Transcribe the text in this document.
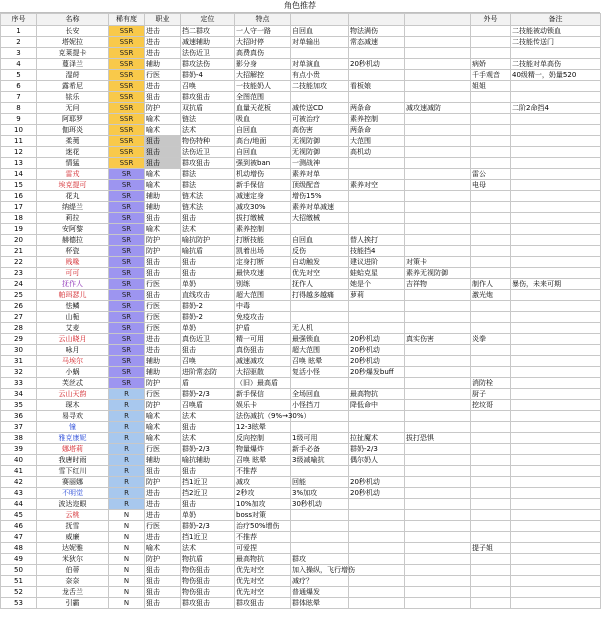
角色推荐
序号	名称	稀有度	职业	定位	特点				外号	备注
1	长安	SSR	进击	挡二群攻	一人守一路	自回血	物法满伤			二技能被动锁血
2	塔妮拉	SSR	进击	减速辅助	大招时停	对单输出	常态减速			二技能传送门
3	克莱提卡	SSR	进击	法伤近卫	高费真伤					
4	蔓泽兰	SSR	辅助	群攻法伤	影分身	对单演血	20秒机动		病娇	二技能对单高伤
5	湿莳	SSR	行医	群奶-4	大招解控	有点小贵			千手观音	40级精一，奶量520
6	露希尼	SSR	进击	召唤	一技能奶人	二技能加攻	看板娘		姐姐	
7	铱乐	SSR	狙击	群攻狙击	全图范围					
8	无问	SSR	防护	双抗盾	血量天花板	减传送CD	两条命	减攻速减防		二阶2命挡4
9	阿耶罗	SSR	喻术	链法	吸血	可被治疗	素养控制			
10	伽珥炎	SSR	喻术	法术	自回血	高伤害	两条命			
11	柔荑	SSR	狙击	物伤特种	高台/地面	无视防御	大范围			
12	迷花	SSR	狙击	法伤近卫	自回血	无视防御	高机动			
13	情猛	SSR	狙击	群攻狙击	强到被ban	一测战神				
14	雷戎	SR	喻术	群法	机动增伤	素养对单			雷公	
15	埃克提可	SR	喻术	群法	新手保信	顶级配音	素养对空		电母	
16	花丸	SR	辅助	链术法	减速定身	增伤15%				
17	纳缇兰	SR	辅助	链术法	减攻30%	素养对单减速				
18	莉拉	SR	狙击	狙击	拔打缴械	大招缴械				
19	安阿黎	SR	喻术	法术	素养控制					
20	赫德拉	SR	防护	喻抗防护	打断技能	自回血	替人挨打			
21	杯瓷	SR	防护	喻抗盾	凯着出场	反伤	技能挡4			
22	贱喙	SR	狙击	狙击	定身打断	自动触发	建议进阶	对策卡		
23	可可	SR	狙击	狙击	最快攻速	优先对空	蛙蛤克星	素养无视防御		
24	抚作人	SR	行医	单奶	别练	抚作人	她是个	吉祥物	制作人	暴伤，未来可期
25	帕珥瑟儿	SR	狙击	直线攻击	超大范围	打得越多越痛	萝莉		激光炮	
26	怯鳞	SR	行医	群奶-2	中毒					
27	山栀	SR	行医	群奶-2	免疫攻击					
28	艾麦	SR	行医	单奶	护盾	无人机				
29	云山晓月	SR	进击	真伤近卫	精一可用	最强锁血	20秒机动	真实伤害	炎拳	
30	咏月	SR	进击	狙击	真伤狙击	超大范围	20秒机动			
31	马埃尔	SR	辅助	召唤	减速减攻	召唤 眩晕	20秒机动			
32	小蜗	SR	辅助	进阶常态防	大招驱散	复活小怪	20秒爆发buff			
33	芙丝忒	SR	防护	盾	（旧）最高盾				消防栓	
34	云山天韵	R	行医	群奶-2/3	新手保信	全场回血	最高物抗		厨子	
35	琛木	R	防护	召唤盾	娱乐卡	小怪挡刀	降低命中		挖坟哥	
36	易寻欢	R	喻术	法术	法伤减抗（9%→30%）					
37	憧	R	喻术	狙击	12-3眩晕					
38	雅克康妮	R	喻术	法术	反向控制	1级可用	拉扯魔术	拔打恐惧		
39	娜塔莉	R	行医	群奶-2/3	物量爆炸	新手必备	群奶-2/3			
40	我唐时雨	R	辅助	喻抗辅助	召唤 眩晕	3级减喻抗	偶尔奶人			
41	雪下红川	R	狙击	狙击	不推荐					
42	赛丽娜	R	防护	挡1近卫	减攻	回能	20秒机动			
43	不明觉	R	进击	挡2近卫	2秒攻	3%加攻	20秒机动			
44	波达迩眼	R	进击	狙击	10%加攻	30秒机动				
45	云桃	N	进击	单奶	boss对策					
46	抚雪	N	行医	群奶-2/3	治疗50%增伤					
47	威廉	N	进击	挡1近卫	不推荐					
48	达妮雅	N	喻术	法术	可爱捏				提子姐	
49	米狄尔	N	防护	物抗盾	最高物抗	群攻				
50	伯蒂	N	狙击	物伤狙击	优先对空	加入操纵，飞行增伤				
51	奈奈	N	狙击	物伤狙击	优先对空	减疗？				
52	龙舌兰	N	狙击	物伤狙击	优先对空	普通爆发				
53	引霸	N	狙击	群攻狙击	群攻狙击	群体眩晕				
